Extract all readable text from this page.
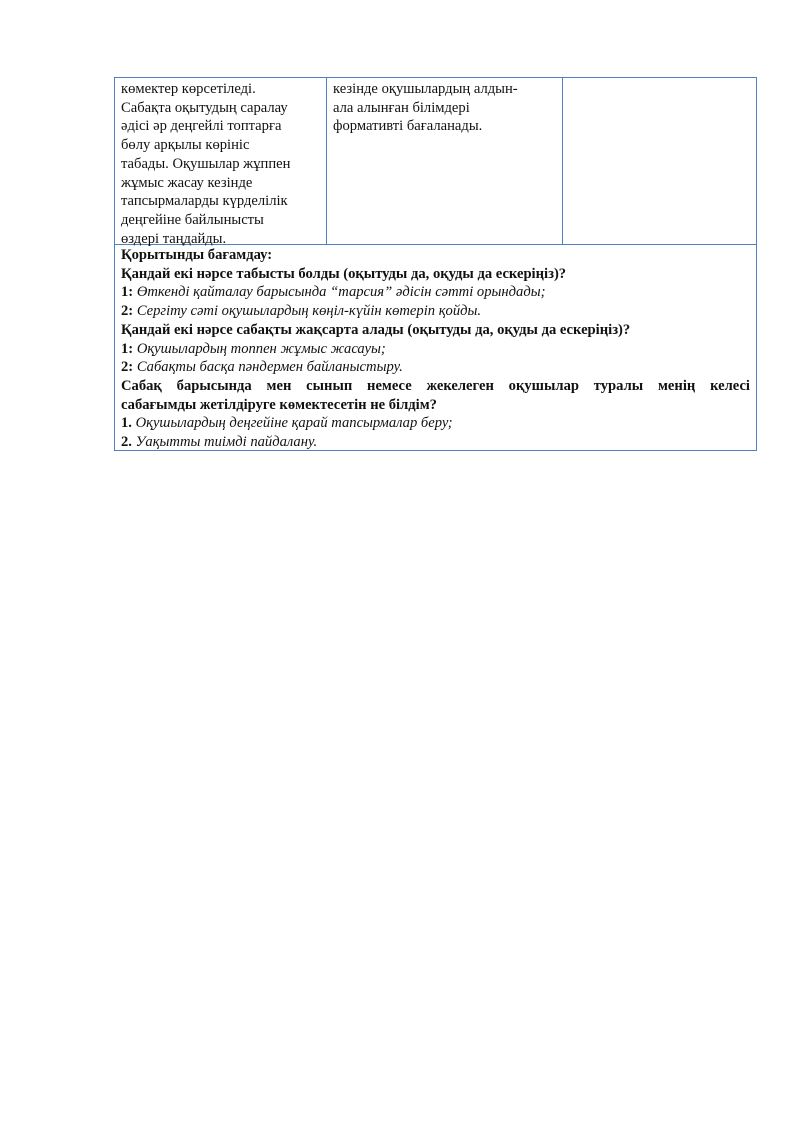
көмектер көрсетіледі.
Сабақта оқытудың саралау
әдісі әр деңгейлі топтарға
бөлу арқылы көрініс
табады. Оқушылар жұппен
жұмыс жасау кезінде
тапсырмаларды күрделілік
деңгейіне байлынысты
өздері таңдайды.
кезінде оқушылардың алдын-
ала алынған білімдері
формативті бағаланады.
Қорытынды бағамдау:
Қандай екі нәрсе табысты болды (оқытуды да, оқуды да ескеріңіз)?
1: Өткенді қайталау барысында “тарсия” әдісін сәтті орындады;
2: Сергіту сәті оқушылардың көңіл-күйін көтеріп қойды.
Қандай екі нәрсе сабақты жақсарта алады (оқытуды да, оқуды да ескеріңіз)?
1: Оқушылардың топпен жұмыс жасауы;
2: Сабақты басқа пәндермен байланыстыру.
Сабақ барысында мен сынып немесе жекелеген оқушылар туралы менің келесі
сабағымды жетілдіруге көмектесетін не білдім?
1. Оқушылардың деңгейіне қарай тапсырмалар беру;
2. Уақытты тиімді пайдалану.
